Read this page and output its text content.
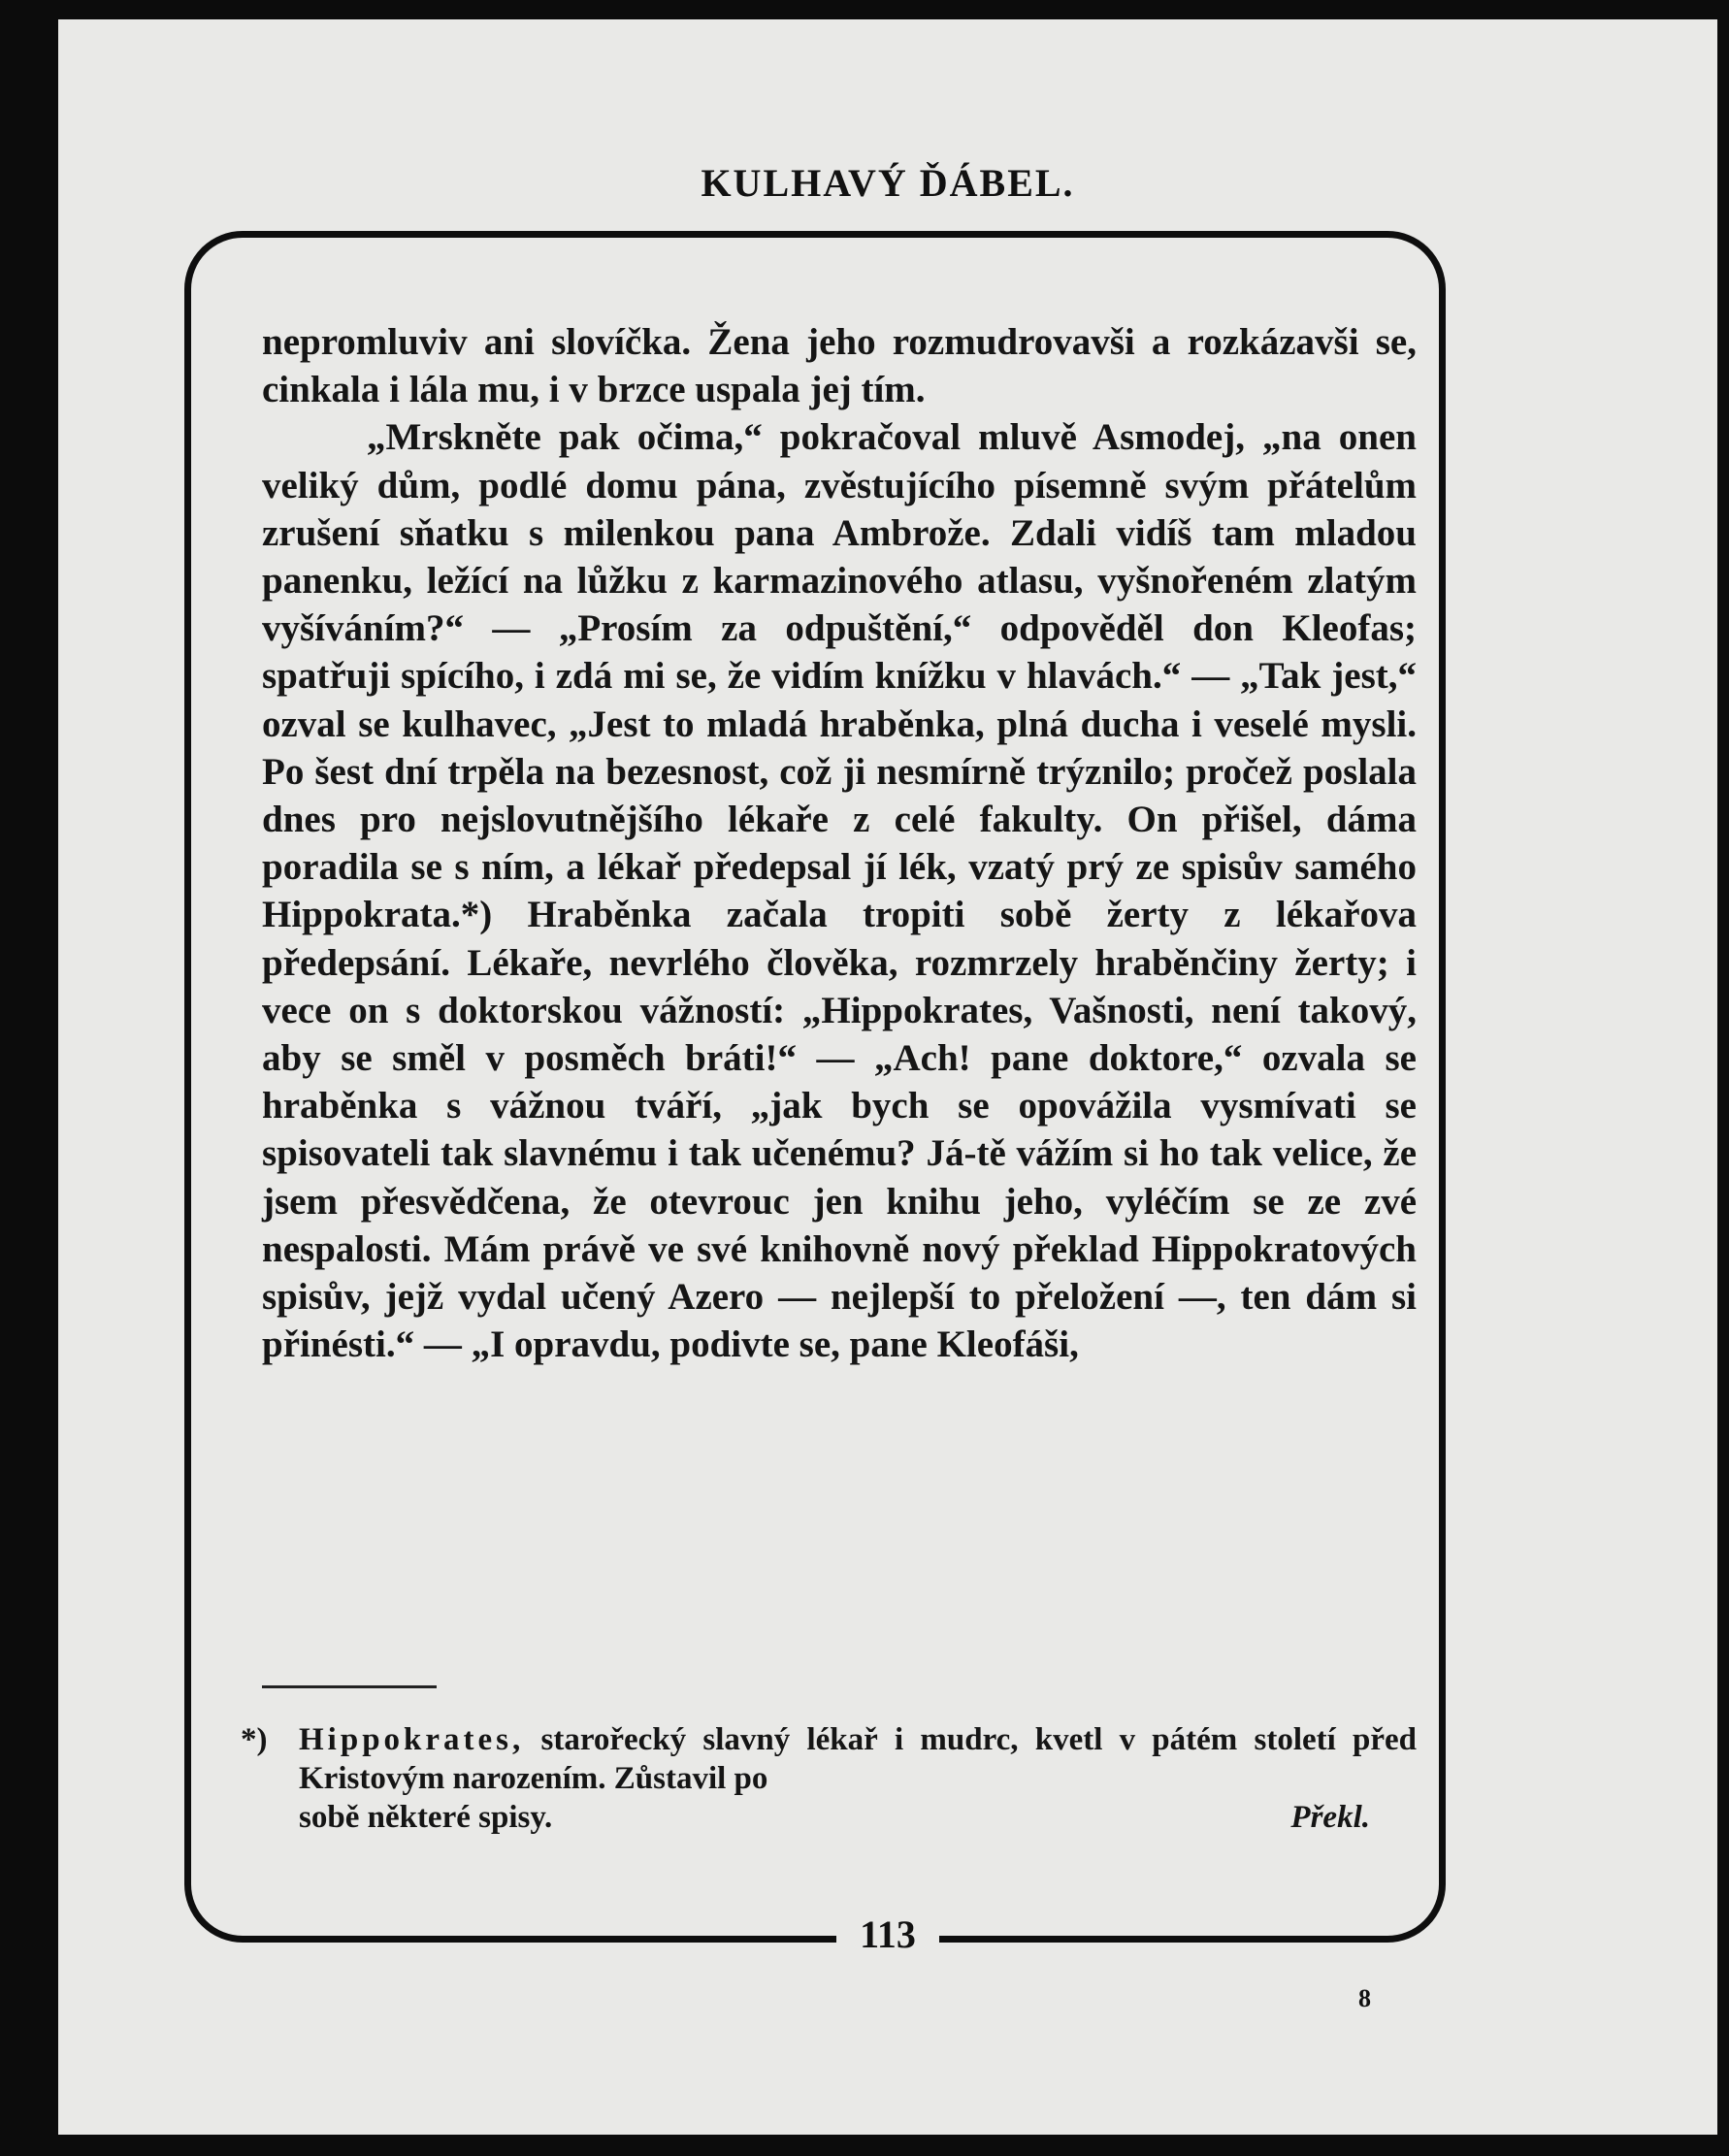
KULHAVÝ ĎÁBEL.

nepromluviv ani slovíčka. Žena jeho rozmudrovavši a rozkázavši se, cinkala i lála mu, i v brzce uspala jej tím.

„Mrskněte pak očima,“ pokračoval mluvě Asmodej, „na onen veliký dům, podlé domu pána, zvěstujícího písemně svým přátelům zrušení sňatku s milenkou pana Ambrože. Zdali vidíš tam mladou panenku, ležící na lůžku z karmazinového atlasu, vyšnořeném zlatým vyšíváním?“ — „Prosím za odpuštění,“ odpověděl don Kleofas; spatřuji spícího, i zdá mi se, že vidím knížku v hlavách.“ — „Tak jest,“ ozval se kulhavec, „Jest to mladá hraběnka, plná ducha i veselé mysli. Po šest dní trpěla na bezesnost, což ji nesmírně trýznilo; pročež poslala dnes pro nejslovutnějšího lékaře z celé fakulty. On přišel, dáma poradila se s ním, a lékař předepsal jí lék, vzatý prý ze spisův samého Hippokrata.*) Hraběnka začala tropiti sobě žerty z lékařova předepsání. Lékaře, nevrlého člověka, rozmrzely hraběnčiny žerty; i vece on s doktorskou vážností: „Hippokrates, Vašnosti, není takový, aby se směl v posměch bráti!“ — „Ach! pane doktore,“ ozvala se hraběnka s vážnou tváří, „jak bych se opovážila vysmívati se spisovateli tak slavnému i tak učenému? Já-tě vážím si ho tak velice, že jsem přesvědčena, že otevrouc jen knihu jeho, vyléčím se ze zvé nespalosti. Mám právě ve své knihovně nový překlad Hippokratových spisův, jejž vydal učený Azero — nejlepší to přeložení —, ten dám si přinésti.“ — „I opravdu, podivte se, pane Kleofáši,

*) Hippokrates, starořecký slavný lékař i mudrc, kvetl v pátém století před Kristovým narozením. Zůstavil po
sobě některé spisy.	Překl.
113
8
